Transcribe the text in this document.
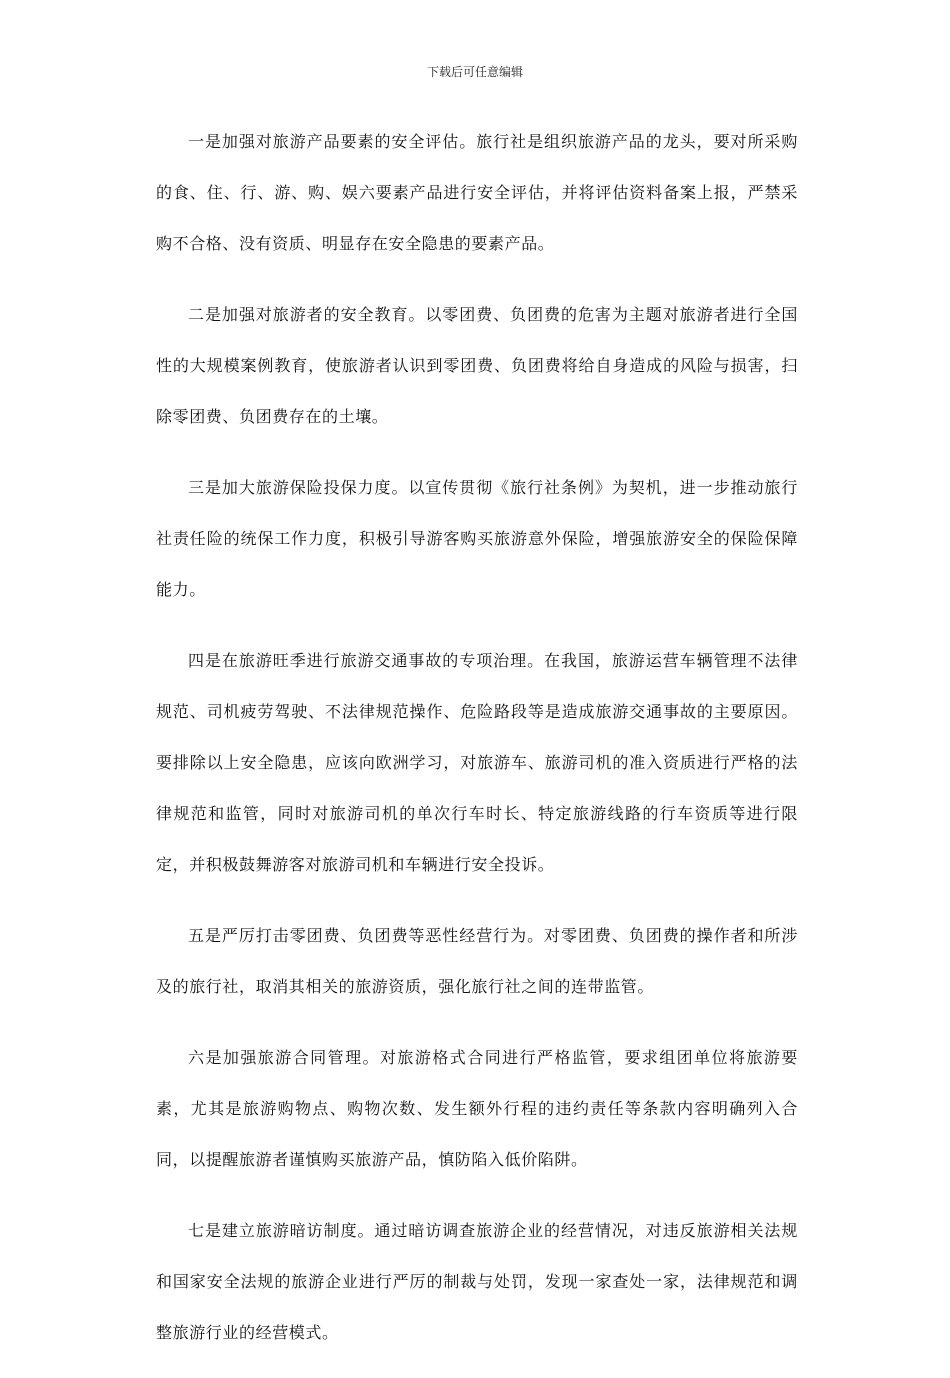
下载后可任意编辑

一是加强对旅游产品要素的安全评估。旅行社是组织旅游产品的龙头，要对所采购的食、住、行、游、购、娱六要素产品进行安全评估，并将评估资料备案上报，严禁采购不合格、没有资质、明显存在安全隐患的要素产品。

二是加强对旅游者的安全教育。以零团费、负团费的危害为主题对旅游者进行全国性的大规模案例教育，使旅游者认识到零团费、负团费将给自身造成的风险与损害，扫除零团费、负团费存在的土壤。

三是加大旅游保险投保力度。以宣传贯彻《旅行社条例》为契机，进一步推动旅行社责任险的统保工作力度，积极引导游客购买旅游意外保险，增强旅游安全的保险保障能力。

四是在旅游旺季进行旅游交通事故的专项治理。在我国，旅游运营车辆管理不法律规范、司机疲劳驾驶、不法律规范操作、危险路段等是造成旅游交通事故的主要原因。要排除以上安全隐患，应该向欧洲学习，对旅游车、旅游司机的准入资质进行严格的法律规范和监管，同时对旅游司机的单次行车时长、特定旅游线路的行车资质等进行限定，并积极鼓舞游客对旅游司机和车辆进行安全投诉。

五是严厉打击零团费、负团费等恶性经营行为。对零团费、负团费的操作者和所涉及的旅行社，取消其相关的旅游资质，强化旅行社之间的连带监管。

六是加强旅游合同管理。对旅游格式合同进行严格监管，要求组团单位将旅游要素，尤其是旅游购物点、购物次数、发生额外行程的违约责任等条款内容明确列入合同，以提醒旅游者谨慎购买旅游产品，慎防陷入低价陷阱。

七是建立旅游暗访制度。通过暗访调查旅游企业的经营情况，对违反旅游相关法规和国家安全法规的旅游企业进行严厉的制裁与处罚，发现一家查处一家，法律规范和调整旅游行业的经营模式。
